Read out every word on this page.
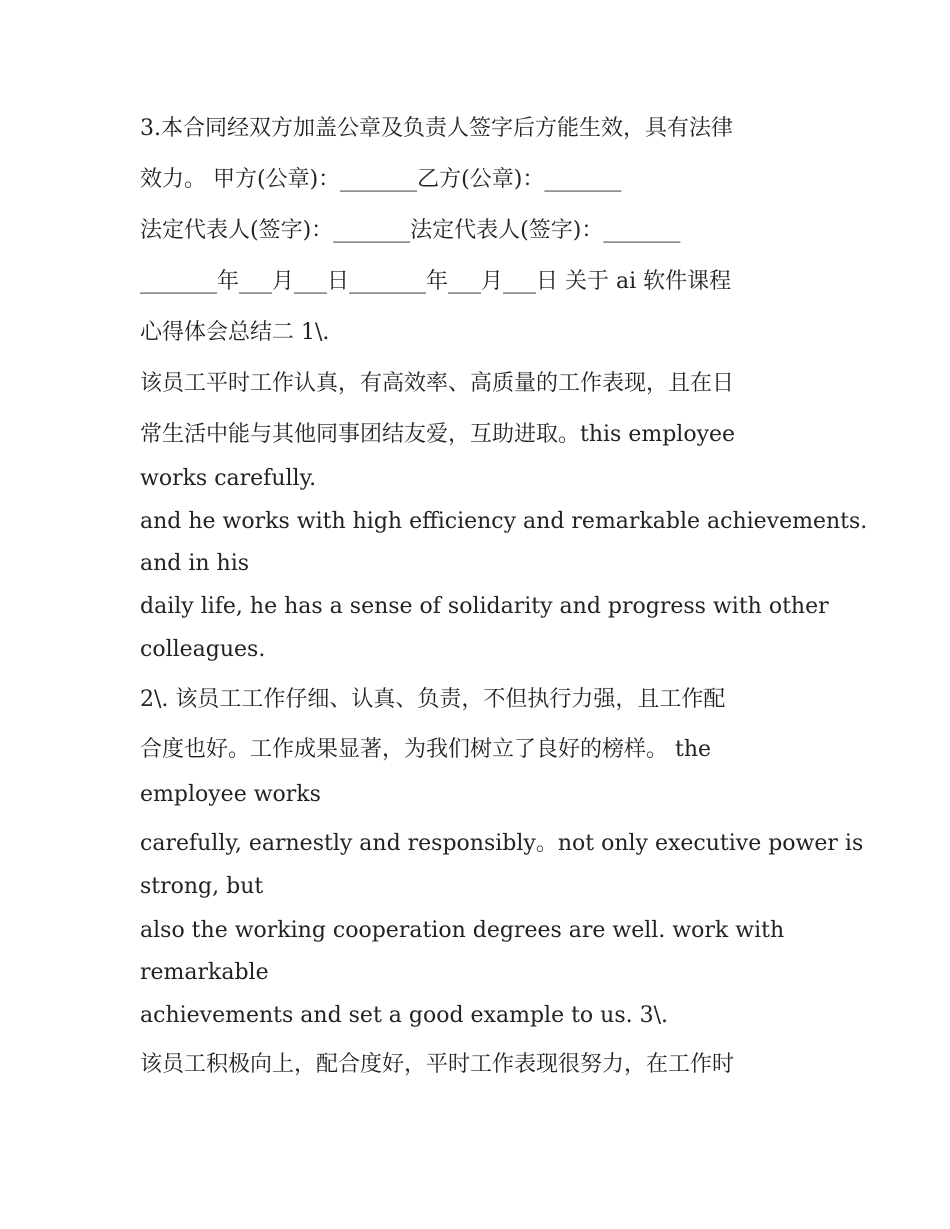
3.本合同经双方加盖公章及负责人签字后方能生效，具有法律

效力。 甲方(公章)：_______乙方(公章)：_______

法定代表人(签字)：_______法定代表人(签字)：_______

_______年___月___日_______年___月___日 关于 ai 软件课程

心得体会总结二 1\.

该员工平时工作认真，有高效率、高质量的工作表现，且在日

常生活中能与其他同事团结友爱，互助进取。this employee

works carefully.

and he works with high efficiency and remarkable achievements.

and in his

daily life, he has a sense of solidarity and progress with other

colleagues.

2\. 该员工工作仔细、认真、负责，不但执行力强，且工作配

合度也好。工作成果显著，为我们树立了良好的榜样。 the

employee works

carefully, earnestly and responsibly。not only executive power is

strong, but

also the working cooperation degrees are well. work with

remarkable

achievements and set a good example to us. 3\.

该员工积极向上，配合度好，平时工作表现很努力，在工作时
